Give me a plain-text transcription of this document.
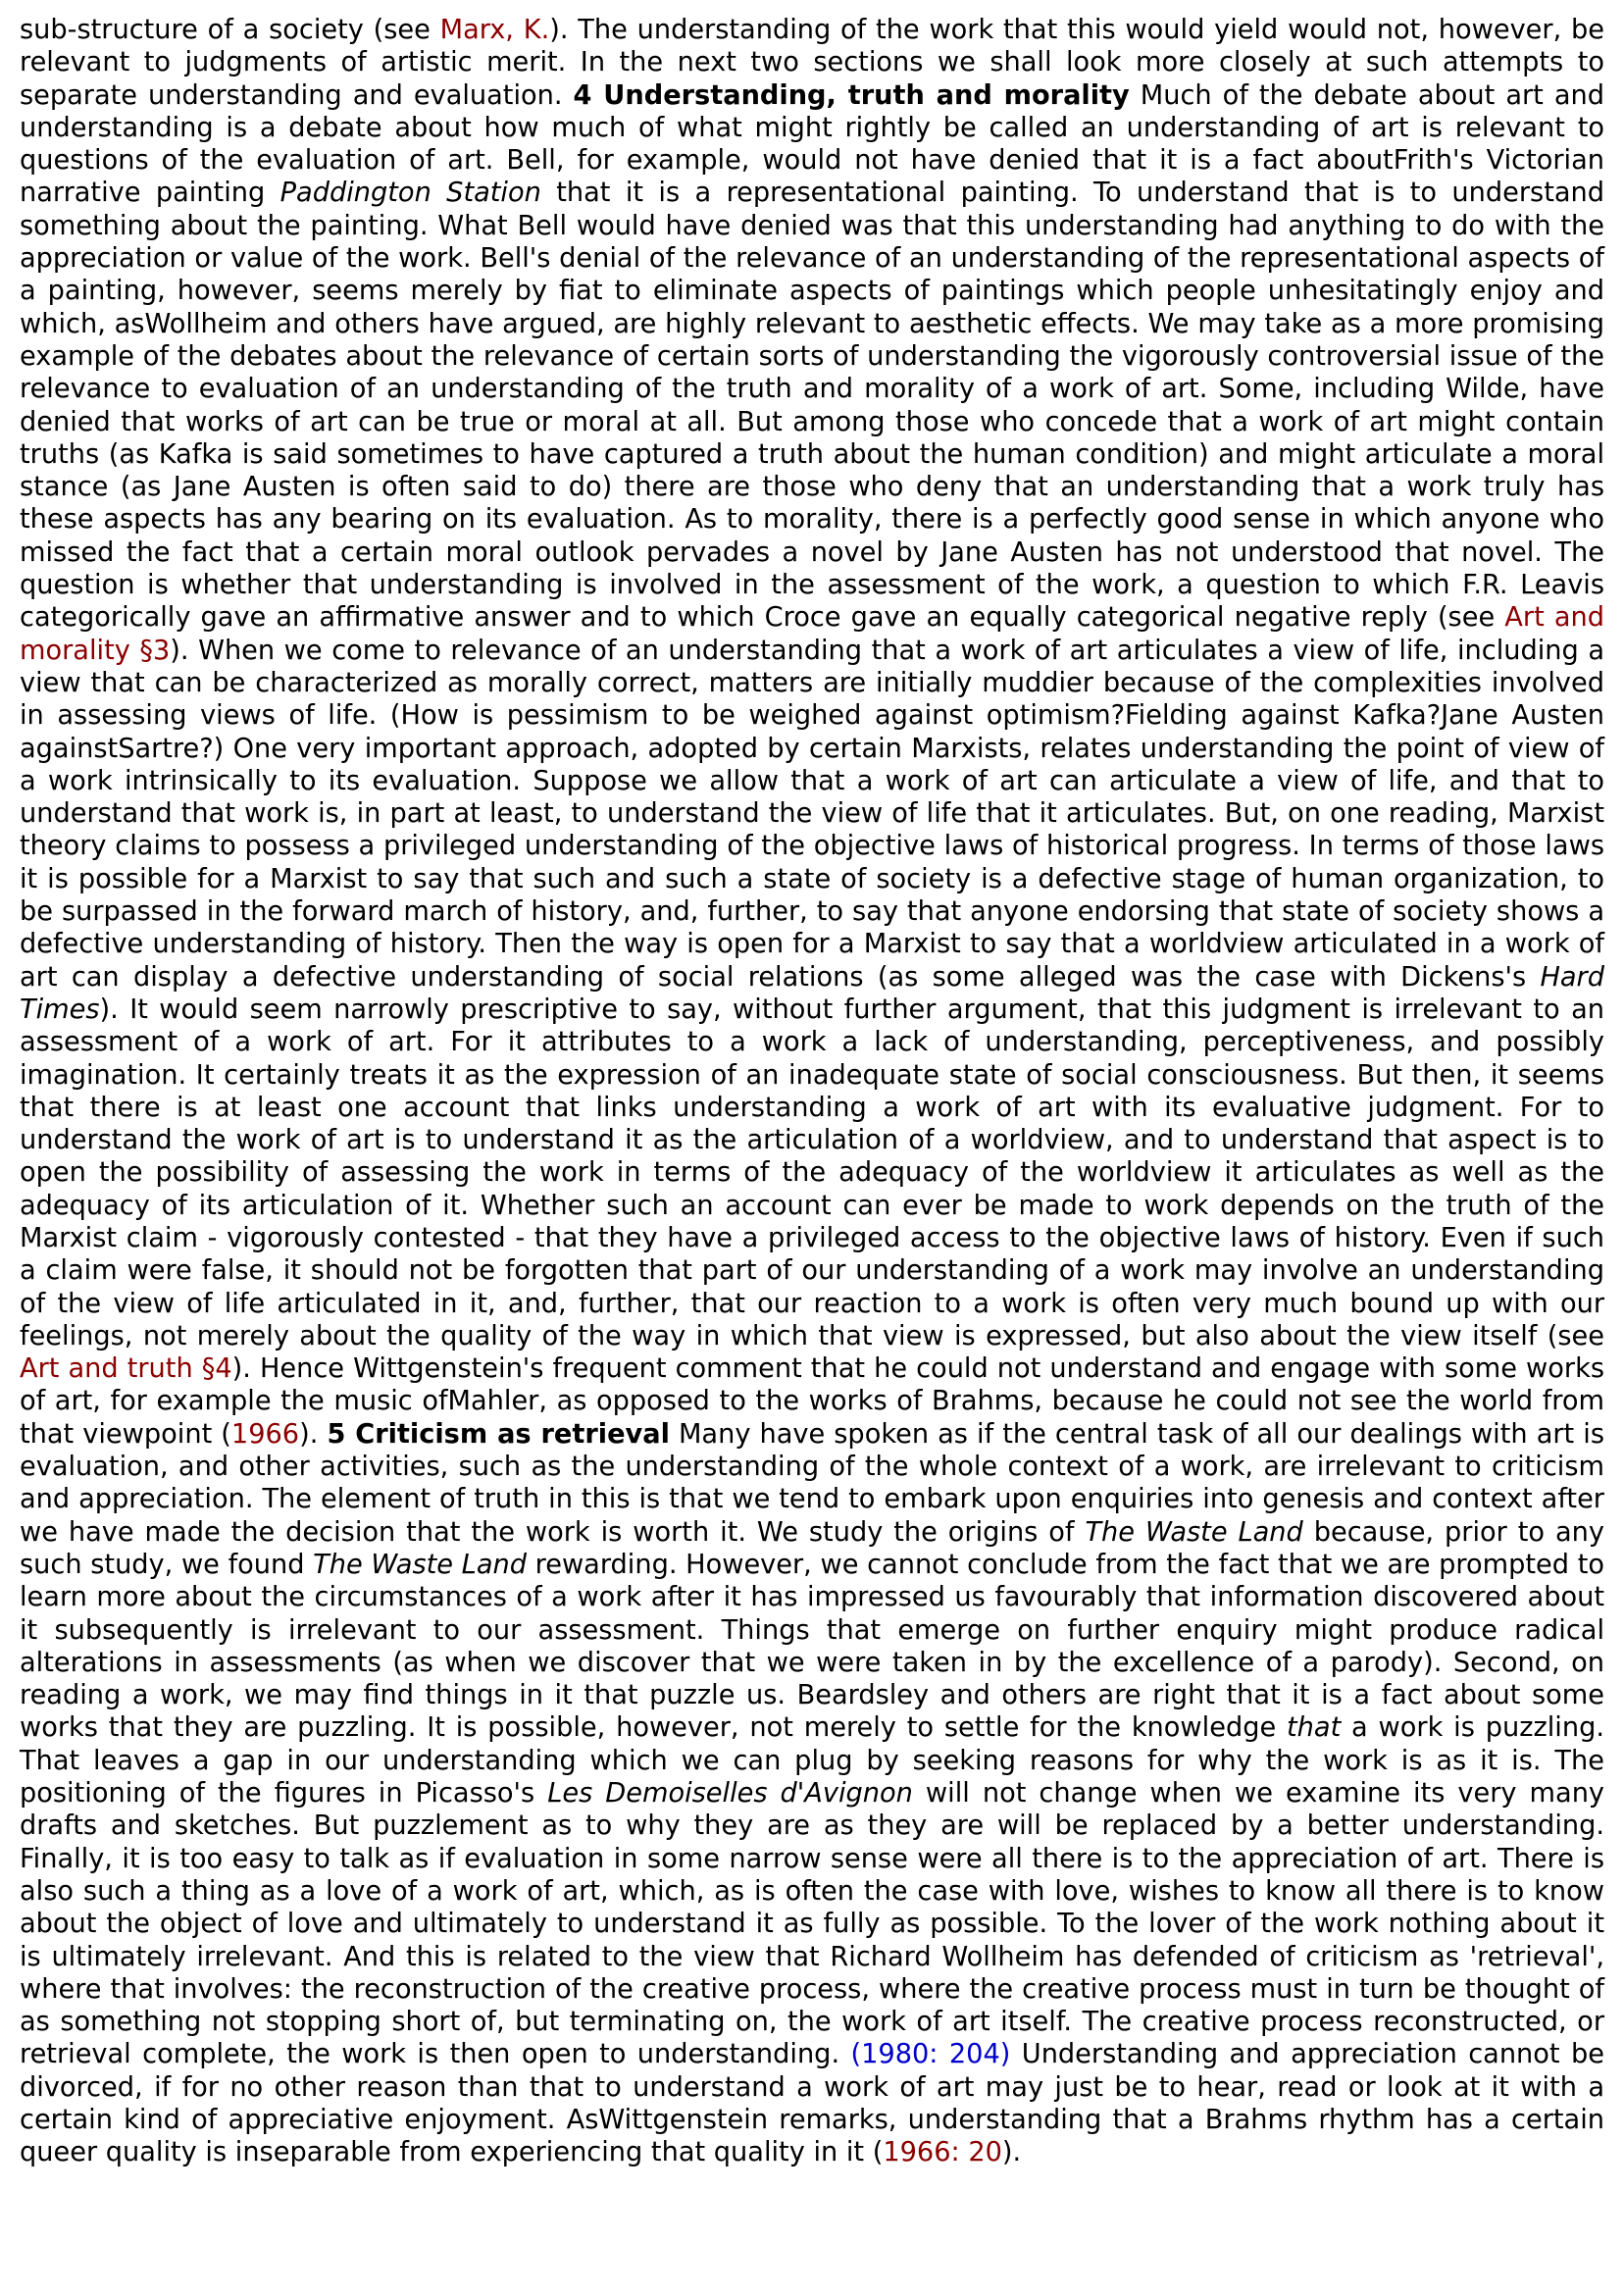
sub-structure of a society (see Marx, K.). The understanding of the work that this would yield would not, however, be relevant to judgments of artistic merit. In the next two sections we shall look more closely at such attempts to separate understanding and evaluation. 4 Understanding, truth and morality Much of the debate about art and understanding is a debate about how much of what might rightly be called an understanding of art is relevant to questions of the evaluation of art. Bell, for example, would not have denied that it is a fact aboutFrith's Victorian narrative painting Paddington Station that it is a representational painting. To understand that is to understand something about the painting. What Bell would have denied was that this understanding had anything to do with the appreciation or value of the work. Bell's denial of the relevance of an understanding of the representational aspects of a painting, however, seems merely by fiat to eliminate aspects of paintings which people unhesitatingly enjoy and which, asWollheim and others have argued, are highly relevant to aesthetic effects. We may take as a more promising example of the debates about the relevance of certain sorts of understanding the vigorously controversial issue of the relevance to evaluation of an understanding of the truth and morality of a work of art. Some, including Wilde, have denied that works of art can be true or moral at all. But among those who concede that a work of art might contain truths (as Kafka is said sometimes to have captured a truth about the human condition) and might articulate a moral stance (as Jane Austen is often said to do) there are those who deny that an understanding that a work truly has these aspects has any bearing on its evaluation. As to morality, there is a perfectly good sense in which anyone who missed the fact that a certain moral outlook pervades a novel by Jane Austen has not understood that novel. The question is whether that understanding is involved in the assessment of the work, a question to which F.R. Leavis categorically gave an affirmative answer and to which Croce gave an equally categorical negative reply (see Art and morality §3). When we come to relevance of an understanding that a work of art articulates a view of life, including a view that can be characterized as morally correct, matters are initially muddier because of the complexities involved in assessing views of life. (How is pessimism to be weighed against optimism?Fielding against Kafka?Jane Austen againstSartre?) One very important approach, adopted by certain Marxists, relates understanding the point of view of a work intrinsically to its evaluation. Suppose we allow that a work of art can articulate a view of life, and that to understand that work is, in part at least, to understand the view of life that it articulates. But, on one reading, Marxist theory claims to possess a privileged understanding of the objective laws of historical progress. In terms of those laws it is possible for a Marxist to say that such and such a state of society is a defective stage of human organization, to be surpassed in the forward march of history, and, further, to say that anyone endorsing that state of society shows a defective understanding of history. Then the way is open for a Marxist to say that a worldview articulated in a work of art can display a defective understanding of social relations (as some alleged was the case with Dickens's Hard Times). It would seem narrowly prescriptive to say, without further argument, that this judgment is irrelevant to an assessment of a work of art. For it attributes to a work a lack of understanding, perceptiveness, and possibly imagination. It certainly treats it as the expression of an inadequate state of social consciousness. But then, it seems that there is at least one account that links understanding a work of art with its evaluative judgment. For to understand the work of art is to understand it as the articulation of a worldview, and to understand that aspect is to open the possibility of assessing the work in terms of the adequacy of the worldview it articulates as well as the adequacy of its articulation of it. Whether such an account can ever be made to work depends on the truth of the Marxist claim - vigorously contested - that they have a privileged access to the objective laws of history. Even if such a claim were false, it should not be forgotten that part of our understanding of a work may involve an understanding of the view of life articulated in it, and, further, that our reaction to a work is often very much bound up with our feelings, not merely about the quality of the way in which that view is expressed, but also about the view itself (see Art and truth §4). Hence Wittgenstein's frequent comment that he could not understand and engage with some works of art, for example the music ofMahler, as opposed to the works of Brahms, because he could not see the world from that viewpoint (1966). 5 Criticism as retrieval Many have spoken as if the central task of all our dealings with art is evaluation, and other activities, such as the understanding of the whole context of a work, are irrelevant to criticism and appreciation. The element of truth in this is that we tend to embark upon enquiries into genesis and context after we have made the decision that the work is worth it. We study the origins of The Waste Land because, prior to any such study, we found The Waste Land rewarding. However, we cannot conclude from the fact that we are prompted to learn more about the circumstances of a work after it has impressed us favourably that information discovered about it subsequently is irrelevant to our assessment. Things that emerge on further enquiry might produce radical alterations in assessments (as when we discover that we were taken in by the excellence of a parody). Second, on reading a work, we may find things in it that puzzle us. Beardsley and others are right that it is a fact about some works that they are puzzling. It is possible, however, not merely to settle for the knowledge that a work is puzzling. That leaves a gap in our understanding which we can plug by seeking reasons for why the work is as it is. The positioning of the figures in Picasso's Les Demoiselles d'Avignon will not change when we examine its very many drafts and sketches. But puzzlement as to why they are as they are will be replaced by a better understanding. Finally, it is too easy to talk as if evaluation in some narrow sense were all there is to the appreciation of art. There is also such a thing as a love of a work of art, which, as is often the case with love, wishes to know all there is to know about the object of love and ultimately to understand it as fully as possible. To the lover of the work nothing about it is ultimately irrelevant. And this is related to the view that Richard Wollheim has defended of criticism as 'retrieval', where that involves: the reconstruction of the creative process, where the creative process must in turn be thought of as something not stopping short of, but terminating on, the work of art itself. The creative process reconstructed, or retrieval complete, the work is then open to understanding. (1980: 204) Understanding and appreciation cannot be divorced, if for no other reason than that to understand a work of art may just be to hear, read or look at it with a certain kind of appreciative enjoyment. AsWittgenstein remarks, understanding that a Brahms rhythm has a certain queer quality is inseparable from experiencing that quality in it (1966: 20).
